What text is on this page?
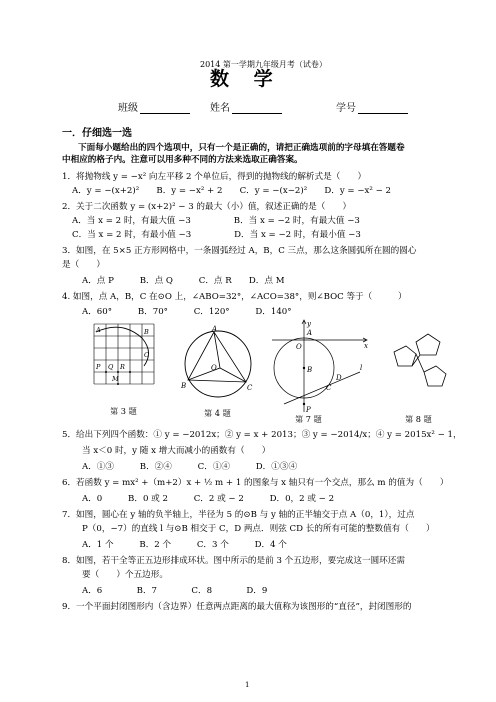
2014 第一学期九年级月考（试卷）
数 学
班级	姓名	学号
一．仔细选一选
下面每小题给出的四个选项中，只有一个是正确的，请把正确选项前的字母填在答题卷
中相应的格子内。注意可以用多种不同的方法来选取正确答案。
1．将抛物线 y = −x² 向左平移 2 个单位后，得到的抛物线的解析式是（　　）
A．y = −(x+2)²　　B．y = −x² + 2　　C．y = −(x−2)²　　D．y = −x² − 2
2．关于二次函数 y = (x+2)² − 3 的最大（小）值，叙述正确的是（　　）
A．当 x = 2 时，有最大值 −3　　　　　B．当 x = −2 时，有最大值 −3
C．当 x = 2 时，有最小值 −3　　　　　D．当 x = −2 时，有最小值 −3
3．如图，在 5×5 正方形网格中，一条圆弧经过 A，B，C 三点，那么这条圆弧所在圆的圆心
是（　　）
A．点 P　　　B．点 Q　　　C．点 R　　D．点 M
4. 如图，点 A，B，C 在⊙O 上，∠ABO=32°，∠ACO=38°，则∠BOC 等于（　　　）
A．60°　　　B．70°　　　C．120°　　　D．140°
A	B
C
P Q R
M
第 3 题
A
B	C
O
第 4 题
A
x
y
O
B
C
D
l
P
第 7 题	第 8 题
5．给出下列四个函数：① y = −2012x；② y = x + 2013；③ y = −2014/x；④ y = 2015x² − 1，
当 x＜0 时，y 随 x 增大而减小的函数有（　　）
A．①③　　　B．②④　　　C．①④　　　D．①③④
6．若函数 y = mx² +（m+2）x + ½ m + 1 的图象与 x 轴只有一个交点，那么 m 的值为（　　）
A．0　　　B．0 或 2　　　C．2 或 − 2　　　D．0，2 或 − 2
7．如图，圆心在 y 轴的负半轴上，半径为 5 的⊙B 与 y 轴的正半轴交于点 A（0，1），过点
P（0，−7）的直线 l 与⊙B 相交于 C，D 两点．则弦 CD 长的所有可能的整数值有（　　）
A．1 个　　　B．2 个　　　C．3 个　　　D．4 个
8．如图，若干全等正五边形排成环状。图中所示的是前 3 个五边形，要完成这一圆环还需
要（　　）个五边形。
A．6　　　　B．7　　　　C．8　　　　D．9
9．一个平面封闭图形内（含边界）任意两点距离的最大值称为该图形的“直径”，封闭图形的
1
